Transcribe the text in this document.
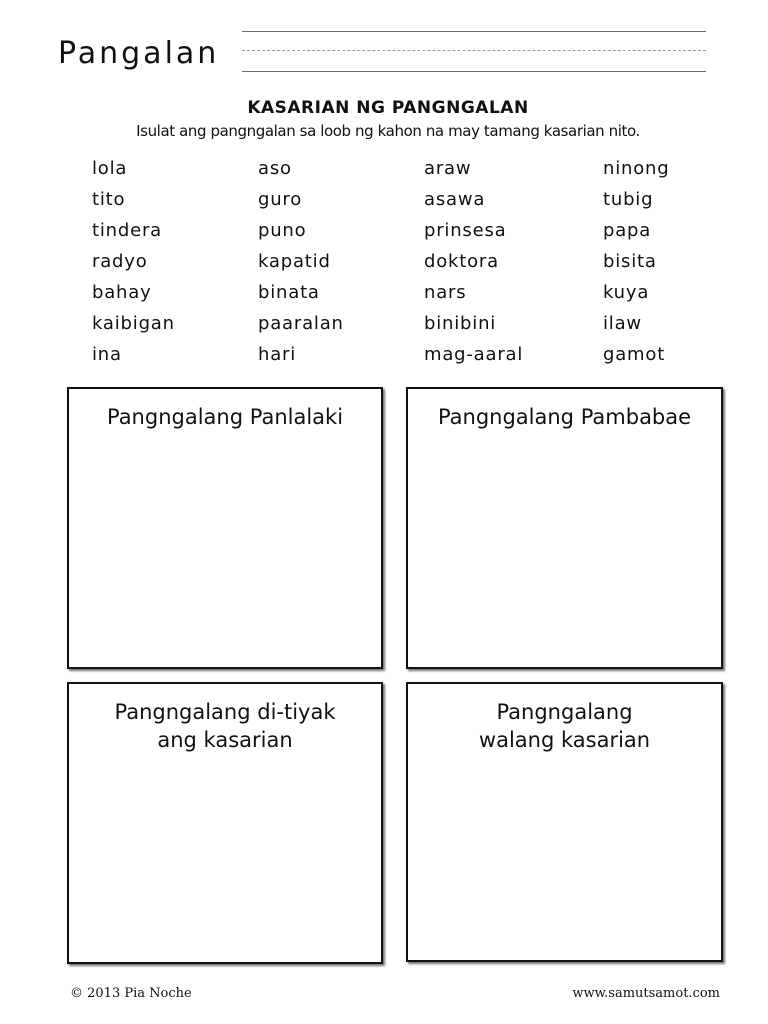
Pangalan
KASARIAN NG PANGNGALAN
Isulat ang pangngalan sa loob ng kahon na may tamang kasarian nito.
lola
tito
tindera
radyo
bahay
kaibigan
ina
aso
guro
puno
kapatid
binata
paaralan
hari
araw
asawa
prinsesa
doktora
nars
binibini
mag-aaral
ninong
tubig
papa
bisita
kuya
ilaw
gamot
Pangngalang Panlalaki	Pangngalang Pambabae
Pangngalang di-tiyak
ang kasarian
Pangngalang
walang kasarian
© 2013 Pia Noche	www.samutsamot.com
